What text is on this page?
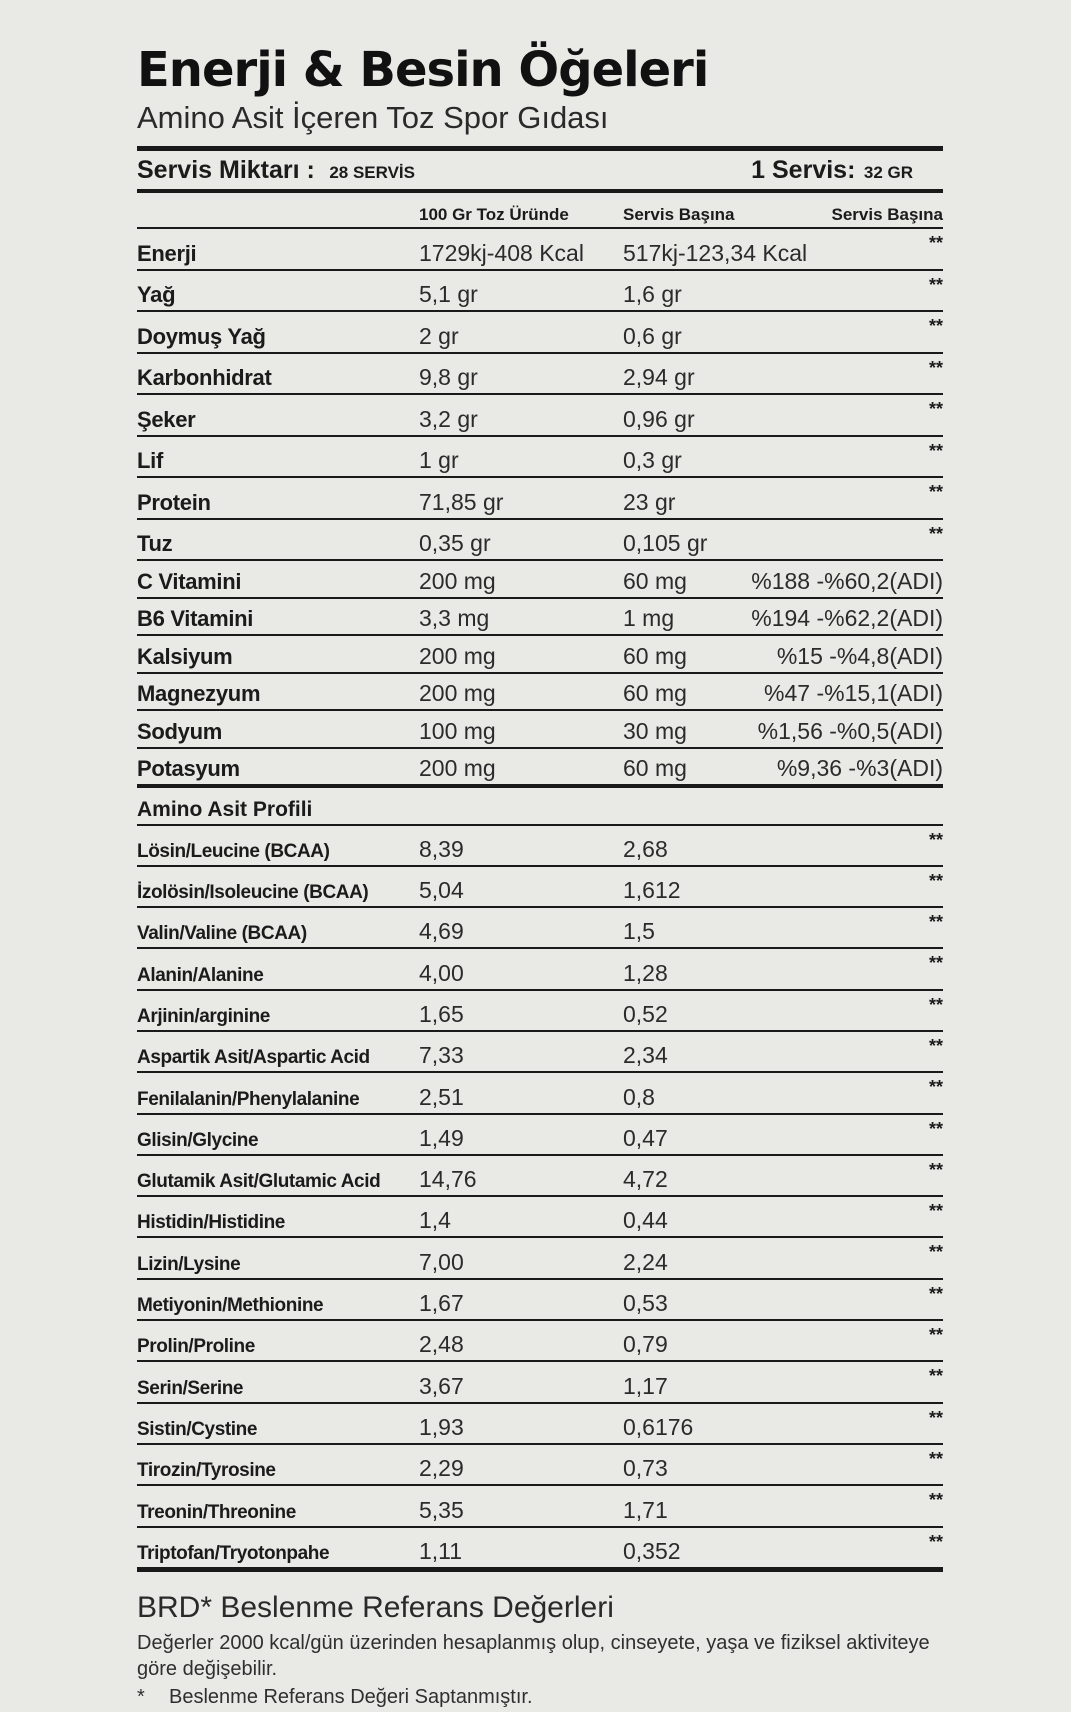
Enerji & Besin Öğeleri

Amino Asit İçeren Toz Spor Gıdası

Servis Miktarı : 28 SERVİS	1 Servis: 32 GR
	100 Gr Toz Üründe	Servis Başına	Servis Başına
Enerji	1729kj-408 Kcal	517kj-123,34 Kcal	**
Yağ	5,1 gr	1,6 gr	**
Doymuş Yağ	2 gr	0,6 gr	**
Karbonhidrat	9,8 gr	2,94 gr	**
Şeker	3,2 gr	0,96 gr	**
Lif	1 gr	0,3 gr	**
Protein	71,85 gr	23 gr	**
Tuz	0,35 gr	0,105 gr	**
C Vitamini	200 mg	60 mg	%188 -%60,2(ADI)
B6 Vitamini	3,3 mg	1 mg	%194 -%62,2(ADI)
Kalsiyum	200 mg	60 mg	%15 -%4,8(ADI)
Magnezyum	200 mg	60 mg	%47 -%15,1(ADI)
Sodyum	100 mg	30 mg	%1,56 -%0,5(ADI)
Potasyum	200 mg	60 mg	%9,36 -%3(ADI)
Amino Asit Profili			
Lösin/Leucine (BCAA)	8,39	2,68	**
İzolösin/Isoleucine (BCAA)	5,04	1,612	**
Valin/Valine (BCAA)	4,69	1,5	**
Alanin/Alanine	4,00	1,28	**
Arjinin/arginine	1,65	0,52	**
Aspartik Asit/Aspartic Acid	7,33	2,34	**
Fenilalanin/Phenylalanine	2,51	0,8	**
Glisin/Glycine	1,49	0,47	**
Glutamik Asit/Glutamic Acid	14,76	4,72	**
Histidin/Histidine	1,4	0,44	**
Lizin/Lysine	7,00	2,24	**
Metiyonin/Methionine	1,67	0,53	**
Prolin/Proline	2,48	0,79	**
Serin/Serine	3,67	1,17	**
Sistin/Cystine	1,93	0,6176	**
Tirozin/Tyrosine	2,29	0,73	**
Treonin/Threonine	5,35	1,71	**
Triptofan/Tryotonpahe	1,11	0,352	**
BRD* Beslenme Referans Değerleri
Değerler 2000 kcal/gün üzerinden hesaplanmış olup, cinseyete, yaşa ve fiziksel aktiviteye göre değişebilir.
* Beslenme Referans Değeri Saptanmıştır.
